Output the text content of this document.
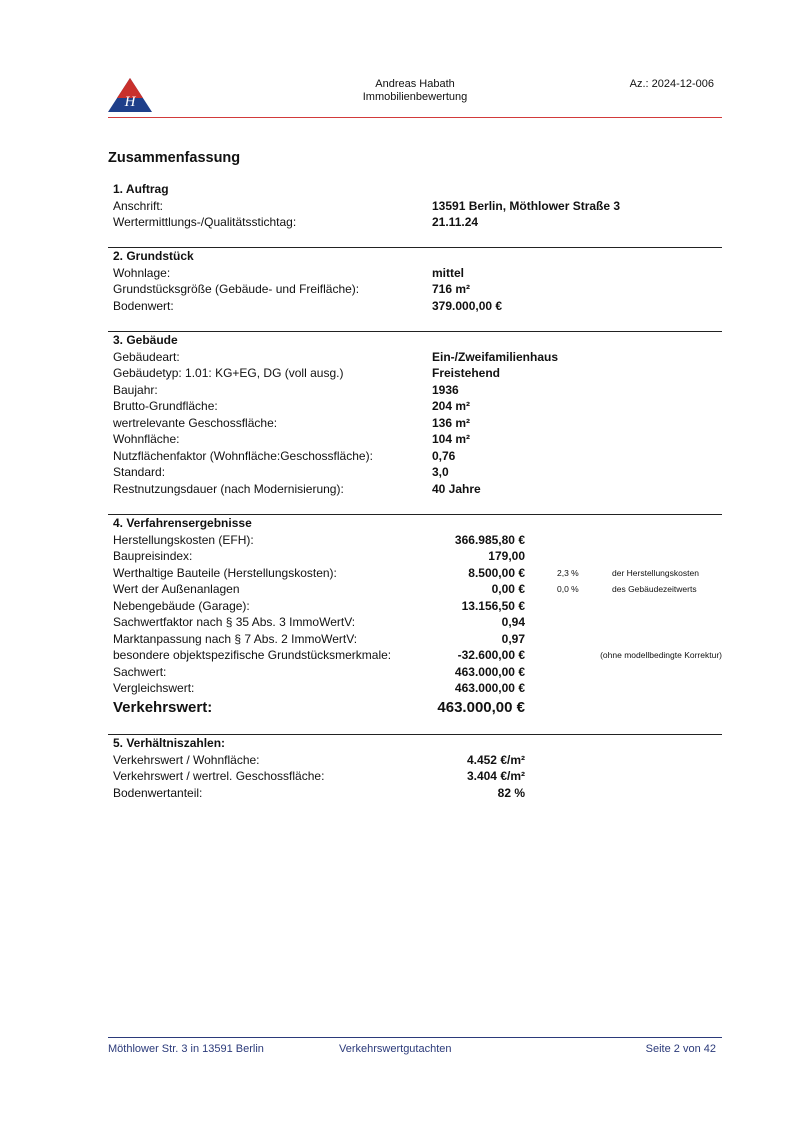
H
Andreas Habath
Immobilienbewertung
Az.: 2024-12-006
Zusammenfassung
1. Auftrag
Anschrift:	13591 Berlin, Möthlower Straße 3
Wertermittlungs-/Qualitätsstichtag:	21.11.24
2. Grundstück
Wohnlage:	mittel
Grundstücksgröße (Gebäude- und Freifläche):	716 m²
Bodenwert:	379.000,00 €
3. Gebäude
Gebäudeart:	Ein-/Zweifamilienhaus
Gebäudetyp: 1.01: KG+EG, DG (voll ausg.)	Freistehend
Baujahr:	1936
Brutto-Grundfläche:	204 m²
wertrelevante Geschossfläche:	136 m²
Wohnfläche:	104 m²
Nutzflächenfaktor (Wohnfläche:Geschossfläche):	0,76
Standard:	3,0
Restnutzungsdauer (nach Modernisierung):	40 Jahre
4. Verfahrensergebnisse
Herstellungskosten (EFH):	366.985,80 €
Baupreisindex:	179,00
Werthaltige Bauteile (Herstellungskosten):	8.500,00 €	2,3 %	der Herstellungskosten
Wert der Außenanlagen	0,00 €	0,0 %	des Gebäudezeitwerts
Nebengebäude (Garage):	13.156,50 €
Sachwertfaktor nach § 35 Abs. 3 ImmoWertV:	0,94
Marktanpassung nach § 7 Abs. 2 ImmoWertV:	0,97
besondere objektspezifische Grundstücksmerkmale:	-32.600,00 €	(ohne modellbedingte Korrektur)
Sachwert:	463.000,00 €
Vergleichswert:	463.000,00 €
Verkehrswert:	463.000,00 €
5. Verhältniszahlen:
Verkehrswert / Wohnfläche:	4.452 €/m²
Verkehrswert / wertrel. Geschossfläche:	3.404 €/m²
Bodenwertanteil:	82 %
Möthlower Str. 3 in 13591 Berlin	Verkehrswertgutachten	Seite 2 von 42
